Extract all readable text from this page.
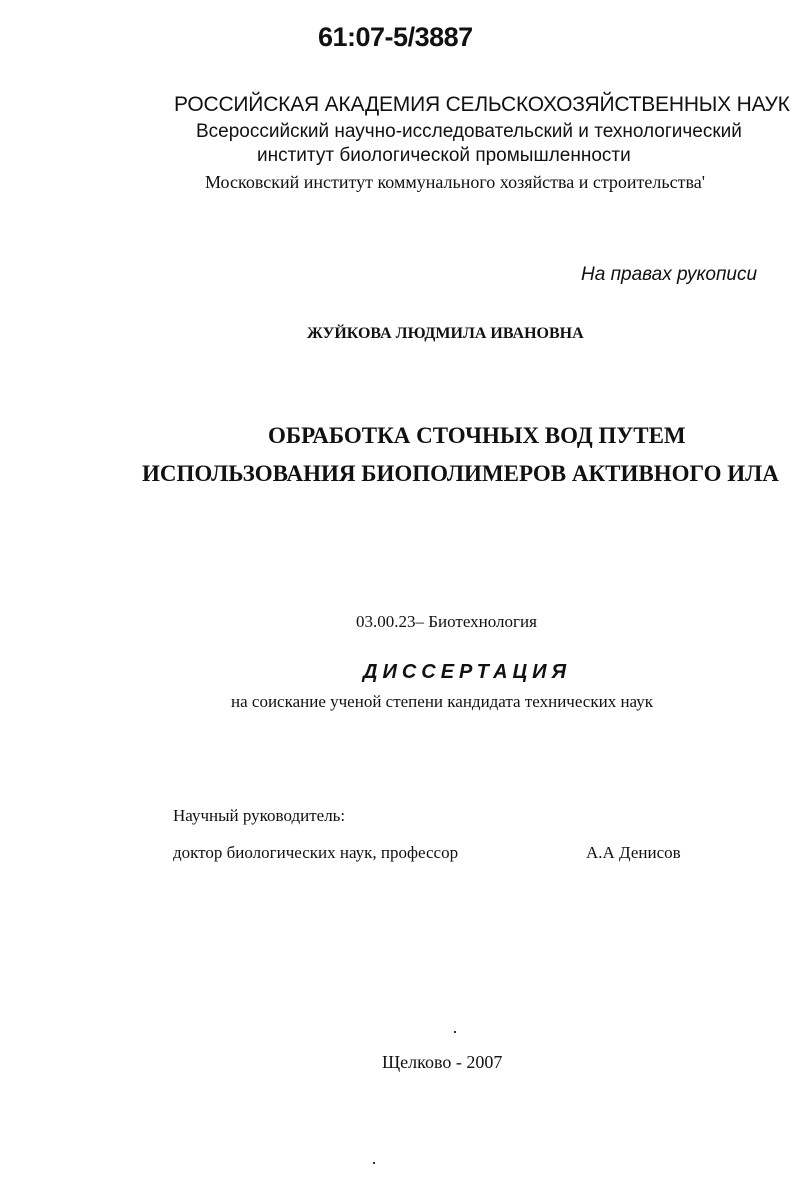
61:07-5/3887
РОССИЙСКАЯ АКАДЕМИЯ СЕЛЬСКОХОЗЯЙСТВЕННЫХ НАУК
Всероссийский научно-исследовательский и технологический
институт биологической промышленности
Московский институт коммунального хозяйства и строительства'
На правах рукописи
ЖУЙКОВА ЛЮДМИЛА ИВАНОВНА
ОБРАБОТКА СТОЧНЫХ ВОД ПУТЕМ
ИСПОЛЬЗОВАНИЯ БИОПОЛИМЕРОВ АКТИВНОГО ИЛА
03.00.23– Биотехнология
ДИССЕРТАЦИЯ
на соискание ученой степени кандидата технических наук
Научный руководитель:
доктор биологических наук, профессор	А.А Денисов
Щелково - 2007
